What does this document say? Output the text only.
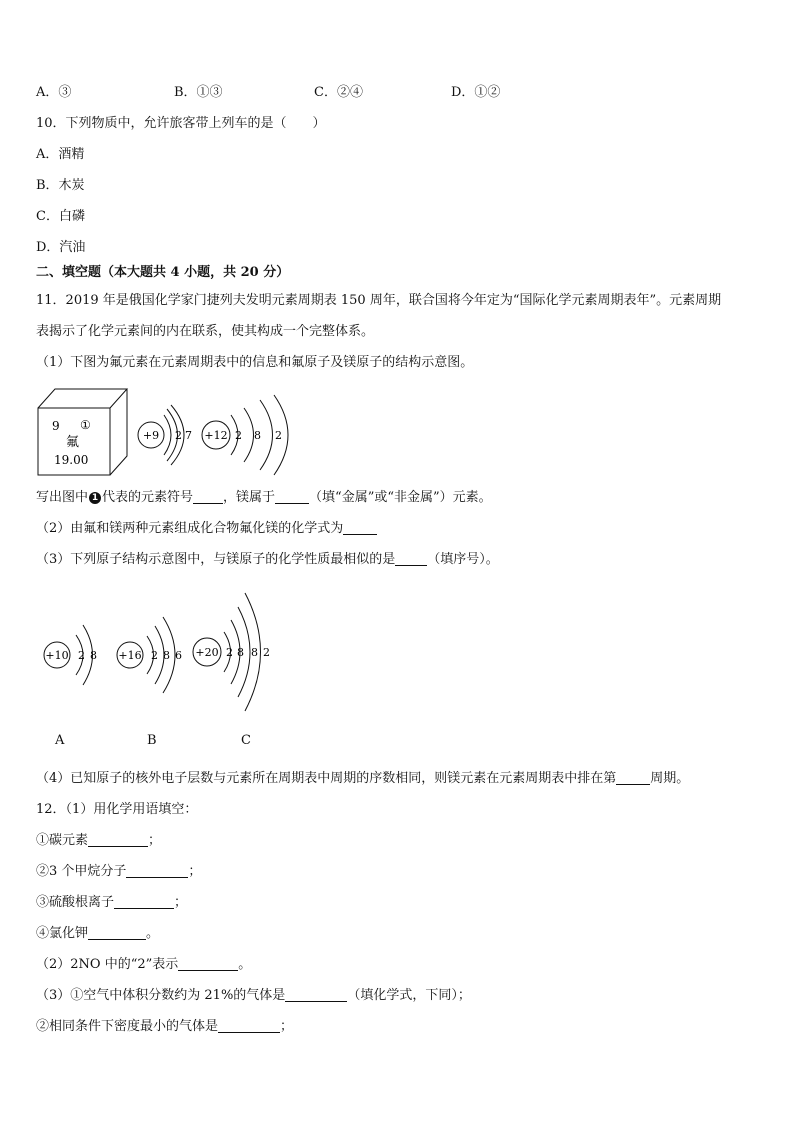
A．③	B．①③	C．②④	D．①②
10．下列物质中，允许旅客带上列车的是（　　）
A．酒精
B．木炭
C．白磷
D．汽油
二、填空题（本大题共 4 小题，共 20 分）
11．2019 年是俄国化学家门捷列夫发明元素周期表 150 周年，联合国将今年定为“国际化学元素周期表年”。元素周期
表揭示了化学元素间的内在联系，使其构成一个完整体系。
（1）下图为氟元素在元素周期表中的信息和氟原子及镁原子的结构示意图。
9 ①
氟
19.00
+9 2 7 +12 2 8 2
写出图中 1 代表的元素符号 ，镁属于	（填“金属”或“非金属”）元素。
（2）由氟和镁两种元素组成化合物氟化镁的化学式为
（3）下列原子结构示意图中，与镁原子的化学性质最相似的是 （填序号）。
+10 2 8 +16 2 8 6 +20 2 8 8 2
A	B	C
（4）已知原子的核外电子层数与元素所在周期表中周期的序数相同，则镁元素在元素周期表中排在第	周期。
12．（1）用化学用语填空：
①碳元素	；
②3 个甲烷分子	；
③硫酸根离子	；
④氯化钾	。
（2）2NO 中的“2”表示	。
（3）①空气中体积分数约为 21%的气体是	（填化学式，下同）；
②相同条件下密度最小的气体是	；
